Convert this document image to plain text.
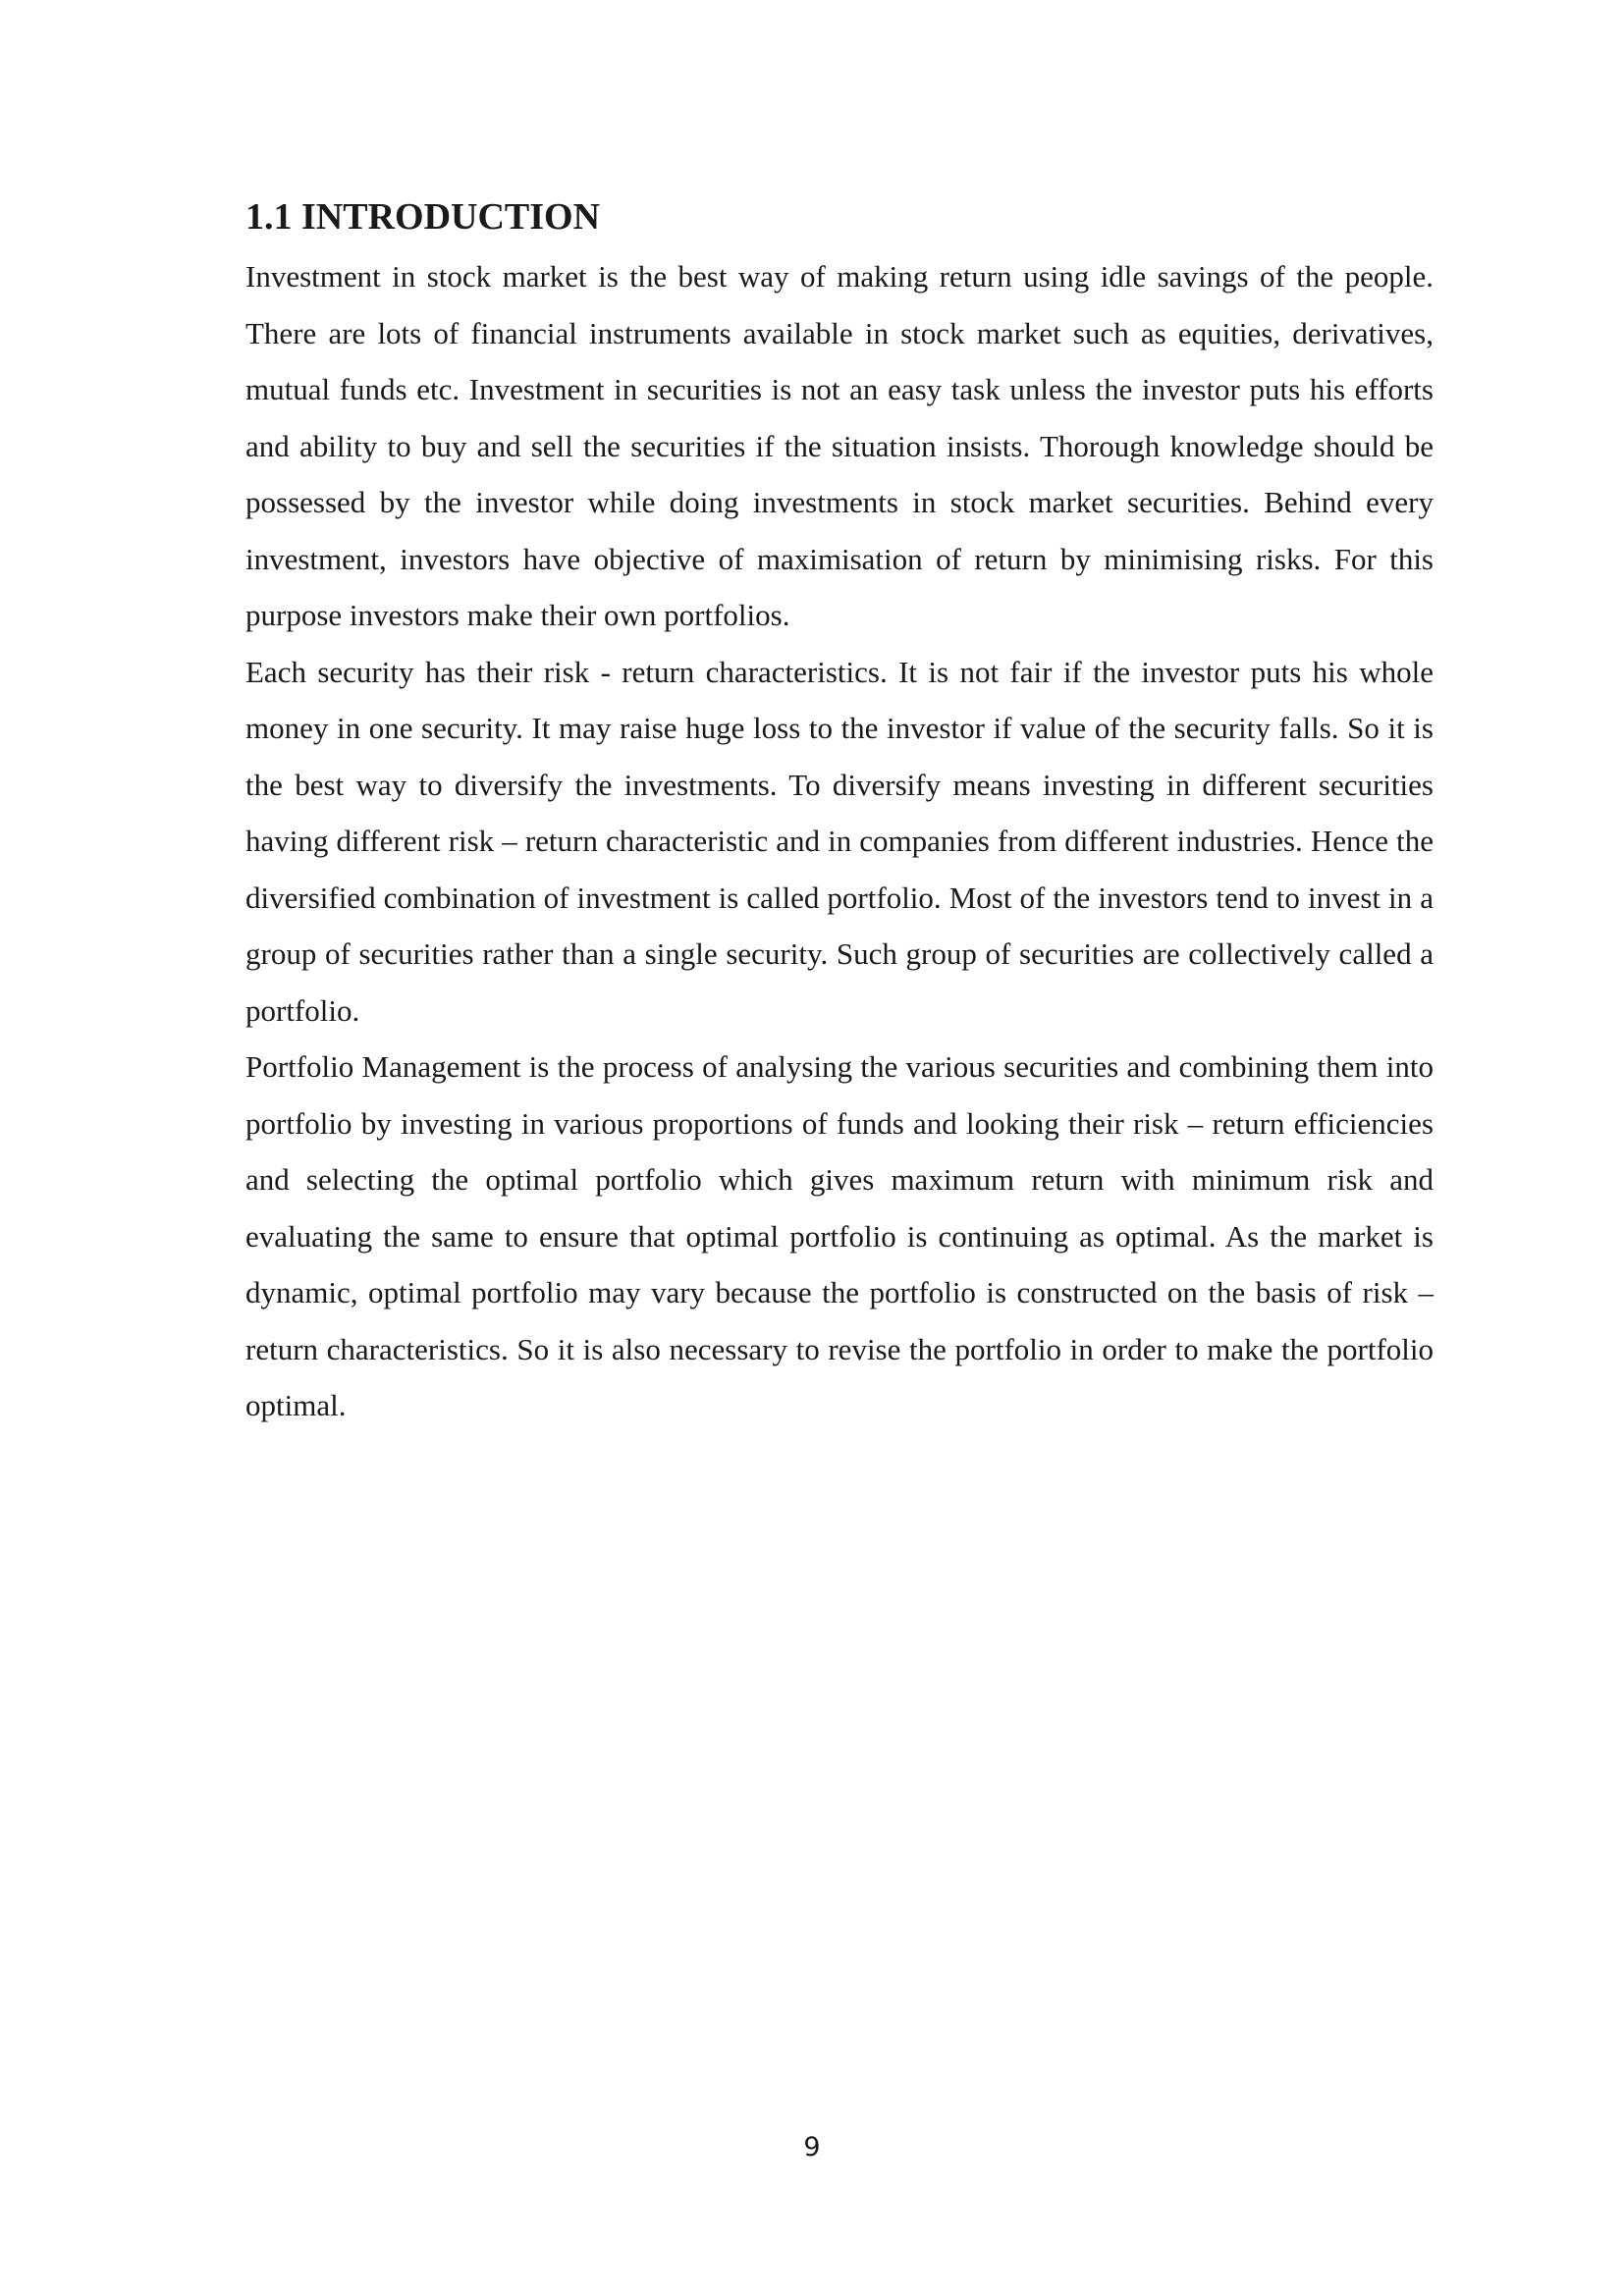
1.1 INTRODUCTION

Investment in stock market is the best way of making return using idle savings of the people. There are lots of financial instruments available in stock market such as equities, derivatives, mutual funds etc. Investment in securities is not an easy task unless the investor puts his efforts and ability to buy and sell the securities if the situation insists. Thorough knowledge should be possessed by the investor while doing investments in stock market securities. Behind every investment, investors have objective of maximisation of return by minimising risks. For this purpose investors make their own portfolios.

Each security has their risk - return characteristics. It is not fair if the investor puts his whole money in one security. It may raise huge loss to the investor if value of the security falls. So it is the best way to diversify the investments. To diversify means investing in different securities having different risk – return characteristic and in companies from different industries. Hence the diversified combination of investment is called portfolio. Most of the investors tend to invest in a group of securities rather than a single security. Such group of securities are collectively called a portfolio.

Portfolio Management is the process of analysing the various securities and combining them into portfolio by investing in various proportions of funds and looking their risk – return efficiencies and selecting the optimal portfolio which gives maximum return with minimum risk and evaluating the same to ensure that optimal portfolio is continuing as optimal. As the market is dynamic, optimal portfolio may vary because the portfolio is constructed on the basis of risk – return characteristics. So it is also necessary to revise the portfolio in order to make the portfolio optimal.

9
